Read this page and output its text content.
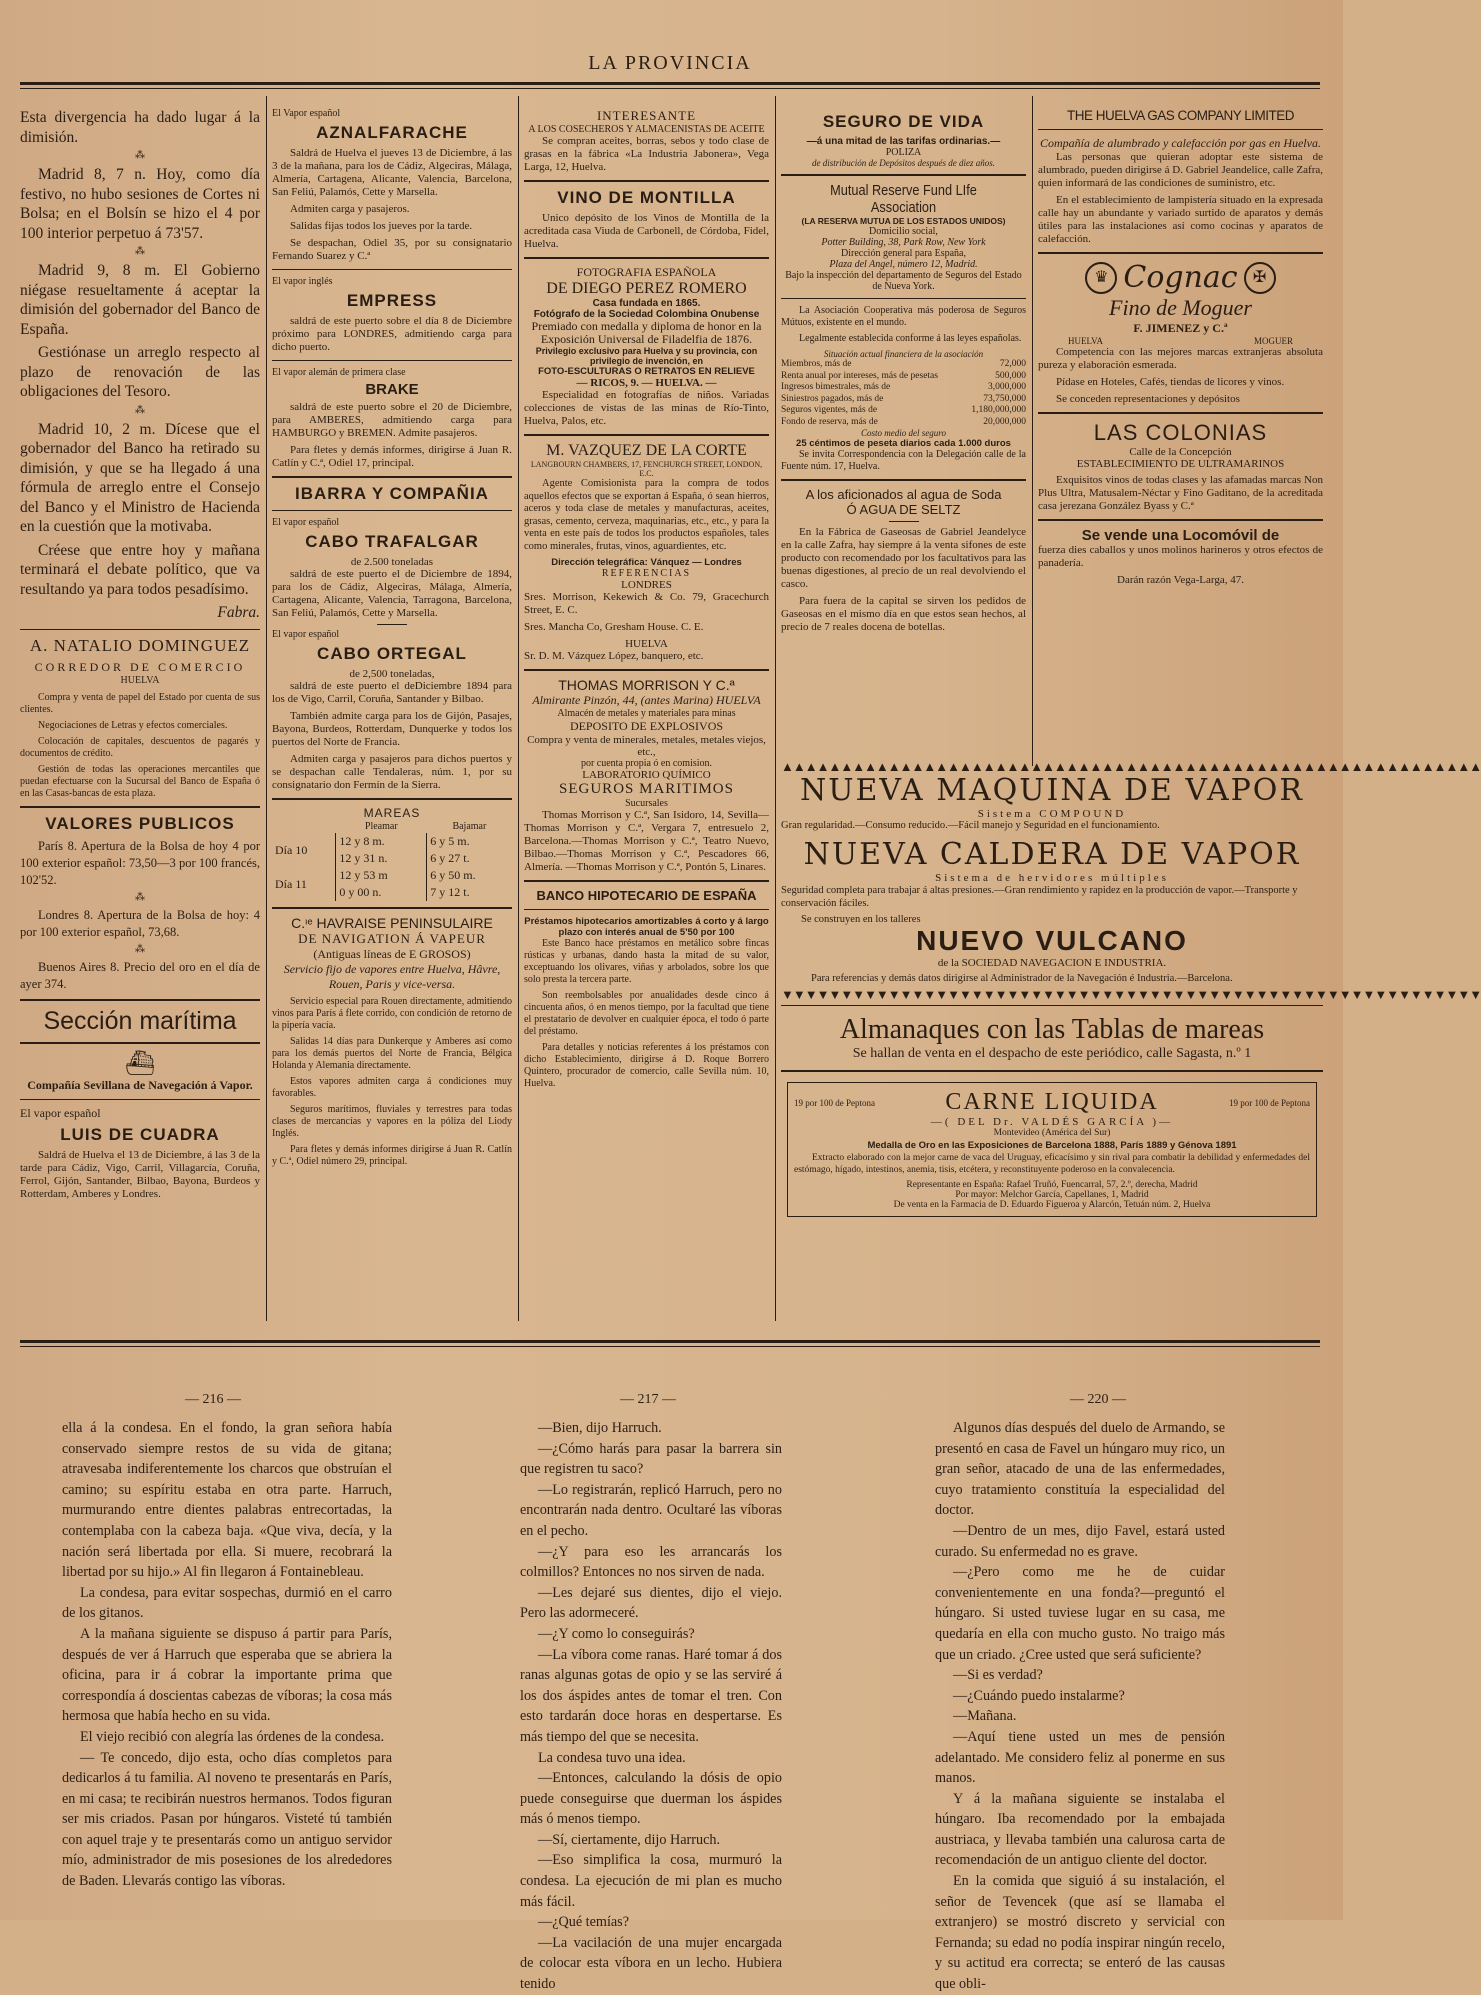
LA PROVINCIA

Esta divergencia ha dado lugar á la dimisión.

⁂

Madrid 8, 7 n. Hoy, como día festivo, no hubo sesiones de Cortes ni Bolsa; en el Bolsín se hizo el 4 por 100 interior perpetuo á 73'57.

⁂

Madrid 9, 8 m. El Gobierno niégase resueltamente á aceptar la dimisión del gobernador del Banco de España.

Gestiónase un arreglo respecto al plazo de renovación de las obligaciones del Tesoro.

⁂

Madrid 10, 2 m. Dícese que el gobernador del Banco ha retirado su dimisión, y que se ha llegado á una fórmula de arreglo entre el Consejo del Banco y el Ministro de Hacienda en la cuestión que la motivaba.

Créese que entre hoy y mañana terminará el debate político, que va resultando ya para todos pesadísimo.

Fabra.

A. NATALIO DOMINGUEZ
CORREDOR DE COMERCIO
HUELVA

Compra y venta de papel del Estado por cuenta de sus clientes.

Negociaciones de Letras y efectos comerciales.

Colocación de capitales, descuentos de pagarés y documentos de crédito.

Gestión de todas las operaciones mercantiles que puedan efectuarse con la Sucursal del Banco de España ó en las Casas-bancas de esta plaza.

VALORES PUBLICOS

París 8. Apertura de la Bolsa de hoy 4 por 100 exterior español: 73,50—3 por 100 francés, 102'52.

⁂

Londres 8. Apertura de la Bolsa de hoy: 4 por 100 exterior español, 73,68.

⁂

Buenos Aires 8. Precio del oro en el día de ayer 374.

Sección marítima
⛴
Compañía Sevillana de Navegación á Vapor.
El vapor español
LUIS DE CUADRA

Saldrá de Huelva el 13 de Diciembre, á las 3 de la tarde para Cádiz, Vigo, Carril, Villagarcía, Coruña, Ferrol, Gijón, Santander, Bilbao, Bayona, Burdeos y Rotterdam, Amberes y Londres.

El Vapor español
AZNALFARACHE

Saldrá de Huelva el jueves 13 de Diciembre, á las 3 de la mañana, para los de Cádiz, Algeciras, Málaga, Almería, Cartagena, Alicante, Valencia, Barcelona, San Feliú, Palamós, Cette y Marsella.

Admiten carga y pasajeros.

Salidas fijas todos los jueves por la tarde.

Se despachan, Odiel 35, por su consignatario Fernando Suarez y C.ª

El vapor inglés
EMPRESS

saldrá de este puerto sobre el día 8 de Diciembre próximo para LONDRES, admitiendo carga para dicho puerto.

El vapor alemán de primera clase
BRAKE

saldrá de este puerto sobre el 20 de Diciembre, para AMBERES, admitiendo carga para HAMBURGO y BREMEN. Admite pasajeros.

Para fletes y demás informes, dirigirse á Juan R. Catlín y C.ª, Odiel 17, principal.

IBARRA Y COMPAÑIA
El vapor español
CABO TRAFALGAR
de 2.500 toneladas

saldrá de este puerto el de Diciembre de 1894, para los de Cádiz, Algeciras, Málaga, Almería, Cartagena, Alicante, Valencia, Tarragona, Barcelona, San Feliú, Palamós, Cette y Marsella.

El vapor español
CABO ORTEGAL
de 2,500 toneladas,

saldrá de este puerto el deDiciembre 1894 para los de Vigo, Carril, Coruña, Santander y Bilbao.

También admite carga para los de Gijón, Pasajes, Bayona, Burdeos, Rotterdam, Dunquerke y todos los puertos del Norte de Francia.

Admiten carga y pasajeros para dichos puertos y se despachan calle Tendaleras, núm. 1, por su consignatario don Fermín de la Sierra.

MAREAS
	Pleamar	Bajamar
Día 10	12 y 8 m.	6 y 5 m.
	12 y 31 n.	6 y 27 t.
Día 11	12 y 53 m	6 y 50 m.
	0 y 00 n.	7 y 12 t.
C.ᶦᵉ HAVRAISE PENINSULAIRE
DE NAVIGATION Á VAPEUR
(Antiguas líneas de E GROSOS)
Servicio fijo de vapores entre Huelva, Hâvre, Rouen, Paris y vice-versa.

Servicio especial para Rouen directamente, admitiendo vinos para París á flete corrido, con condición de retorno de la pipería vacía.

Salidas 14 días para Dunkerque y Amberes así como para los demás puertos del Norte de Francia, Bélgica Holanda y Alemania directamente.

Estos vapores admiten carga á condiciones muy favorables.

Seguros marítimos, fluviales y terrestres para todas clases de mercancías y vapores en la póliza del Liody Inglés.

Para fletes y demás informes dirigirse á Juan R. Catlín y C.ª, Odiel número 29, principal.

INTERESANTE
A LOS COSECHEROS Y ALMACENISTAS DE ACEITE

Se compran aceites, borras, sebos y todo clase de grasas en la fábrica «La Industria Jabonera», Vega Larga, 12, Huelva.

VINO DE MONTILLA

Unico depósito de los Vinos de Montilla de la acreditada casa Viuda de Carbonell, de Córdoba, Fidel, Huelva.

FOTOGRAFIA ESPAÑOLA
DE DIEGO PEREZ ROMERO
Casa fundada en 1865.
Fotógrafo de la Sociedad Colombina Onubense
Premiado con medalla y diploma de honor en la Exposición Universal de Filadelfia de 1876.
Privilegio exclusivo para Huelva y su provincia, con privilegio de invención, en
FOTO-ESCULTURAS O RETRATOS EN RELIEVE
— RICOS, 9. — HUELVA. —

Especialidad en fotografías de niños. Variadas colecciones de vistas de las minas de Río-Tinto, Huelva, Palos, etc.

M. VAZQUEZ DE LA CORTE
LANGBOURN CHAMBERS, 17, FENCHURCH STREET, LONDON, E.C.

Agente Comisionista para la compra de todos aquellos efectos que se exportan á España, ó sean hierros, aceros y toda clase de metales y manufacturas, aceites, grasas, cemento, cerveza, maquinarias, etc., etc., y para la venta en este país de todos los productos españoles, tales como minerales, frutas, vinos, aguardientes, etc.

Dirección telegráfica: Vánquez — Londres
REFERENCIAS
LONDRES

Sres. Morrison, Kekewich & Co. 79, Gracechurch Street, E. C.

Sres. Mancha Co, Gresham House. C. E.

HUELVA

Sr. D. M. Vázquez López, banquero, etc.

THOMAS MORRISON Y C.ª
Almirante Pinzón, 44, (antes Marina) HUELVA
Almacén de metales y materiales para minas
DEPOSITO DE EXPLOSIVOS
Compra y venta de minerales, metales, metales viejos, etc.,
por cuenta propia ó en comision.
LABORATORIO QUÍMICO
SEGUROS MARITIMOS
Sucursales

Thomas Morrison y C.ª, San Isidoro, 14, Sevilla—Thomas Morrison y C.ª, Vergara 7, entresuelo 2, Barcelona.—Thomas Morrison y C.ª, Teatro Nuevo, Bilbao.—Thomas Morrison y C.ª, Pescadores 66, Almería. —Thomas Morrison y C.ª, Pontón 5, Linares.

BANCO HIPOTECARIO DE ESPAÑA
Préstamos hipotecarios amortizables á corto y á largo plazo con interés anual de 5'50 por 100

Este Banco hace préstamos en metálico sobre fincas rústicas y urbanas, dando hasta la mitad de su valor, exceptuando los olivares, viñas y arbolados, sobre los que solo presta la tercera parte.

Son reembolsables por anualidades desde cinco á cincuenta años, ó en menos tiempo, por la facultad que tiene el prestatario de devolver en cualquier época, el todo ó parte del préstamo.

Para detalles y noticias referentes á los préstamos con dicho Establecimiento, dirigirse á D. Roque Borrero Quintero, procurador de comercio, calle Sevilla núm. 10, Huelva.

SEGURO DE VIDA
—á una mitad de las tarifas ordinarias.—
POLIZA
de distribución de Depósitos después de diez años.
Mutual Reserve Fund LIfe Association
(LA RESERVA MUTUA DE LOS ESTADOS UNIDOS)
Domicilio social,
Potter Building, 38, Park Row, New York
Dirección general para España,
Plaza del Angel, número 12, Madrid.
Bajo la inspección del departamento de Seguros del Estado de Nueva York.

La Asociación Cooperativa más poderosa de Seguros Mútuos, existente en el mundo.

Legalmente establecida conforme á las leyes españolas.

Situación actual financiera de la asociación
Miembros, más de	72,000
Renta anual por intereses, más de pesetas	500,000
Ingresos bimestrales, más de	3,000,000
Siniestros pagados, más de	73,750,000
Seguros vigentes, más de	1,180,000,000
Fondo de reserva, más de	20,000,000
Costo medio del seguro
25 céntimos de peseta diarios cada 1.000 duros

Se invita Correspondencia con la Delegación calle de la Fuente núm. 17, Huelva.

A los aficionados al agua de Soda
Ó AGUA DE SELTZ

En la Fábrica de Gaseosas de Gabriel Jeandelyce en la calle Zafra, hay siempre á la venta sifones de este producto con recomendado por los facultativos para las buenas digestiones, al precio de un real devolviendo el casco.

Para fuera de la capital se sirven los pedidos de Gaseosas en el mismo día en que estos sean hechos, al precio de 7 reales docena de botellas.

THE HUELVA GAS COMPANY LIMITED
Compañía de alumbrado y calefacción por gas en Huelva.

Las personas que quieran adoptar este sistema de alumbrado, pueden dirigirse á D. Gabriel Jeandelice, calle Zafra, quien informará de las condiciones de suministro, etc.

En el establecimiento de lampistería situado en la expresada calle hay un abundante y variado surtido de aparatos y demás útiles para las instalaciones así como cocinas y aparatos de calefacción.

♛ Cognac ✠
Fino de Moguer
F. JIMENEZ y C.ª
HUELVA	MOGUER

Competencia con las mejores marcas extranjeras absoluta pureza y elaboración esmerada.

Pídase en Hoteles, Cafés, tiendas de licores y vinos.

Se conceden representaciones y depósitos

LAS COLONIAS
Calle de la Concepción
ESTABLECIMIENTO DE ULTRAMARINOS

Exquisitos vinos de todas clases y las afamadas marcas Non Plus Ultra, Matusalem-Néctar y Fino Gaditano, de la acreditada casa jerezana González Byass y C.ª

Se vende una Locomóvil de

fuerza dies caballos y unos molinos harineros y otros efectos de panadería.

Darán razón Vega-Larga, 47.

▲▲▲▲▲▲▲▲▲▲▲▲▲▲▲▲▲▲▲▲▲▲▲▲▲▲▲▲▲▲▲▲▲▲▲▲▲▲▲▲▲▲▲▲▲▲▲▲▲▲▲▲▲▲▲▲▲▲▲
NUEVA MAQUINA DE VAPOR
Sistema COMPOUND
Gran regularidad.—Consumo reducido.—Fácil manejo y Seguridad en el funcionamiento.
NUEVA CALDERA DE VAPOR
Sistema de hervidores múltiples
Seguridad completa para trabajar á altas presiones.—Gran rendimiento y rapidez en la producción de vapor.—Transporte y conservación fáciles.
Se construyen en los talleres
NUEVO VULCANO
de la SOCIEDAD NAVEGACION E INDUSTRIA.
Para referencias y demás datos dirigirse al Administrador de la Navegación é Industria.—Barcelona.
▼▼▼▼▼▼▼▼▼▼▼▼▼▼▼▼▼▼▼▼▼▼▼▼▼▼▼▼▼▼▼▼▼▼▼▼▼▼▼▼▼▼▼▼▼▼▼▼▼▼▼▼▼▼▼▼▼▼▼
Almanaques con las Tablas de mareas
Se hallan de venta en el despacho de este periódico, calle Sagasta, n.º 1
19 por 100 de Peptona	CARNE LIQUIDA	19 por 100 de Peptona
—( DEL Dr. VALDÉS GARCÍA )—
Montevideo (América del Sur)
Medalla de Oro en las Exposiciones de Barcelona 1888, París 1889 y Génova 1891

Extracto elaborado con la mejor carne de vaca del Uruguay, eficacísimo y sin rival para combatir la debilidad y enfermedades del estómago, hígado, intestinos, anemia, tisis, etcétera, y reconstituyente poderoso en la convalecencia.

Representante en España: Rafael Truñó, Fuencarral, 57, 2.º, derecha, Madrid
Por mayor: Melchor García, Capellanes, 1, Madrid
De venta en la Farmacia de D. Eduardo Figueroa y Alarcón, Tetuán núm. 2, Huelva
— 216 —	— 217 —	— 220 —

ella á la condesa. En el fondo, la gran señora había conservado siempre restos de su vida de gitana; atravesaba indiferentemente los charcos que obstruían el camino; su espíritu estaba en otra parte. Harruch, murmurando entre dientes palabras entrecortadas, la contemplaba con la cabeza baja. «Que viva, decía, y la nación será libertada por ella. Si muere, recobrará la libertad por su hijo.» Al fin llegaron á Fontainebleau.

La condesa, para evitar sospechas, durmió en el carro de los gitanos.

A la mañana siguiente se dispuso á partir para París, después de ver á Harruch que esperaba que se abriera la oficina, para ir á cobrar la importante prima que correspondía á doscientas cabezas de víboras; la cosa más hermosa que había hecho en su vida.

El viejo recibió con alegría las órdenes de la condesa.

— Te concedo, dijo esta, ocho días completos para dedicarlos á tu familia. Al noveno te presentarás en París, en mi casa; te recibirán nuestros hermanos. Todos figuran ser mis criados. Pasan por húngaros. Visteté tú también con aquel traje y te presentarás como un antiguo servidor mío, administrador de mis posesiones de los alrededores de Baden. Llevarás contigo las víboras.

—Bien, dijo Harruch.

—¿Cómo harás para pasar la barrera sin que registren tu saco?

—Lo registrarán, replicó Harruch, pero no encontrarán nada dentro. Ocultaré las víboras en el pecho.

—¿Y para eso les arrancarás los colmillos? Entonces no nos sirven de nada.

—Les dejaré sus dientes, dijo el viejo. Pero las adormeceré.

—¿Y como lo conseguirás?

—La víbora come ranas. Haré tomar á dos ranas algunas gotas de opio y se las serviré á los dos áspides antes de tomar el tren. Con esto tardarán doce horas en despertarse. Es más tiempo del que se necesita.

La condesa tuvo una idea.

—Entonces, calculando la dósis de opio puede conseguirse que duerman los áspides más ó menos tiempo.

—Sí, ciertamente, dijo Harruch.

—Eso simplifica la cosa, murmuró la condesa. La ejecución de mi plan es mucho más fácil.

—¿Qué temías?

—La vacilación de una mujer encargada de colocar esta víbora en un lecho. Hubiera tenido

Algunos días después del duelo de Armando, se presentó en casa de Favel un húngaro muy rico, un gran señor, atacado de una de las enfermedades, cuyo tratamiento constituía la especialidad del doctor.

—Dentro de un mes, dijo Favel, estará usted curado. Su enfermedad no es grave.

—¿Pero como me he de cuidar convenientemente en una fonda?—preguntó el húngaro. Si usted tuviese lugar en su casa, me quedaría en ella con mucho gusto. No traigo más que un criado. ¿Cree usted que será suficiente?

—Si es verdad?

—¿Cuándo puedo instalarme?

—Mañana.

—Aquí tiene usted un mes de pensión adelantado. Me considero feliz al ponerme en sus manos.

Y á la mañana siguiente se instalaba el húngaro. Iba recomendado por la embajada austriaca, y llevaba también una calurosa carta de recomendación de un antiguo cliente del doctor.

En la comida que siguió á su instalación, el señor de Tevencek (que así se llamaba el extranjero) se mostró discreto y servicial con Fernanda; su edad no podía inspirar ningún recelo, y su actitud era correcta; se enteró de las causas que obli-
